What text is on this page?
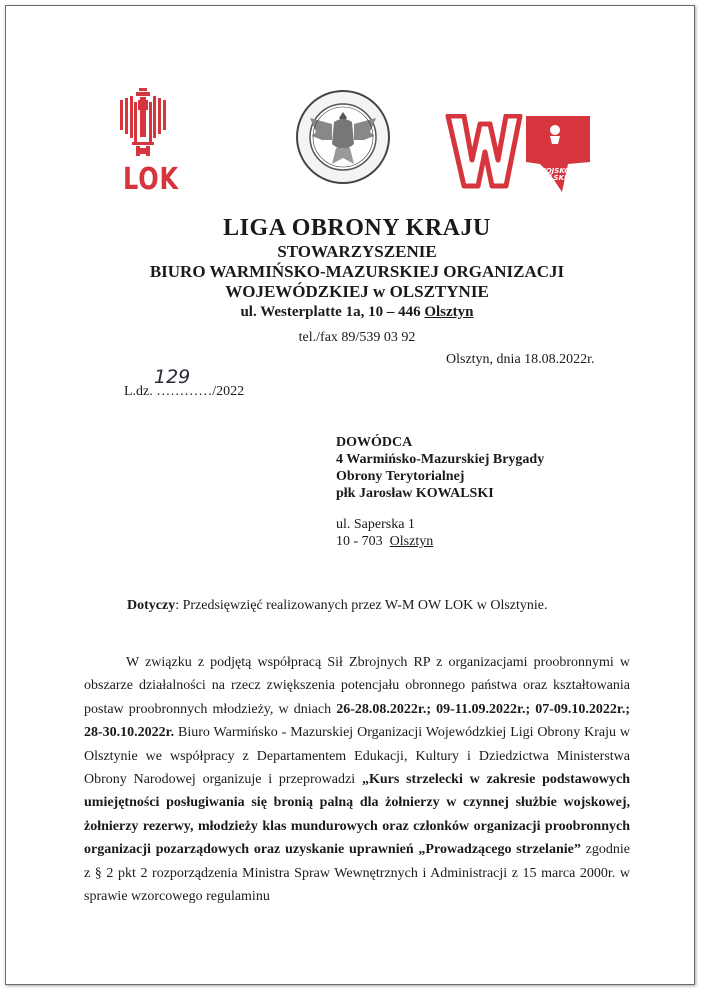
LOK	WOJSKO POLSKIE
LIGA OBRONY KRAJU
STOWARZYSZENIE
BIURO WARMIŃSKO-MAZURSKIEJ ORGANIZACJI
WOJEWÓDZKIEJ w OLSZTYNIE
ul. Westerplatte 1a, 10 – 446 Olsztyn
tel./fax 89/539 03 92
Olsztyn, dnia 18.08.2022r.
L.dz. …………/2022
129
DOWÓDCA
4 Warmińsko-Mazurskiej Brygady
Obrony Terytorialnej
płk Jarosław KOWALSKI
ul. Saperska 1
10 - 703  Olsztyn
Dotyczy: Przedsięwzięć realizowanych przez W-M OW LOK w Olsztynie.
W związku z podjętą współpracą Sił Zbrojnych RP z organizacjami proobronnymi w obszarze działalności na rzecz zwiększenia potencjału obronnego państwa oraz kształtowania postaw proobronnych młodzieży, w dniach 26-28.08.2022r.; 09-11.09.2022r.; 07-09.10.2022r.; 28-30.10.2022r. Biuro Warmińsko - Mazurskiej Organizacji Wojewódzkiej Ligi Obrony Kraju w Olsztynie we współpracy z Departamentem Edukacji, Kultury i Dziedzictwa Ministerstwa Obrony Narodowej organizuje i przeprowadzi „Kurs strzelecki w zakresie podstawowych umiejętności posługiwania się bronią palną dla żołnierzy w czynnej służbie wojskowej, żołnierzy rezerwy, młodzieży klas mundurowych oraz członków organizacji proobronnych organizacji pozarządowych oraz uzyskanie uprawnień „Prowadzącego strzelanie” zgodnie z § 2 pkt 2 rozporządzenia Ministra Spraw Wewnętrznych i Administracji z 15 marca 2000r. w sprawie wzorcowego regulaminu
